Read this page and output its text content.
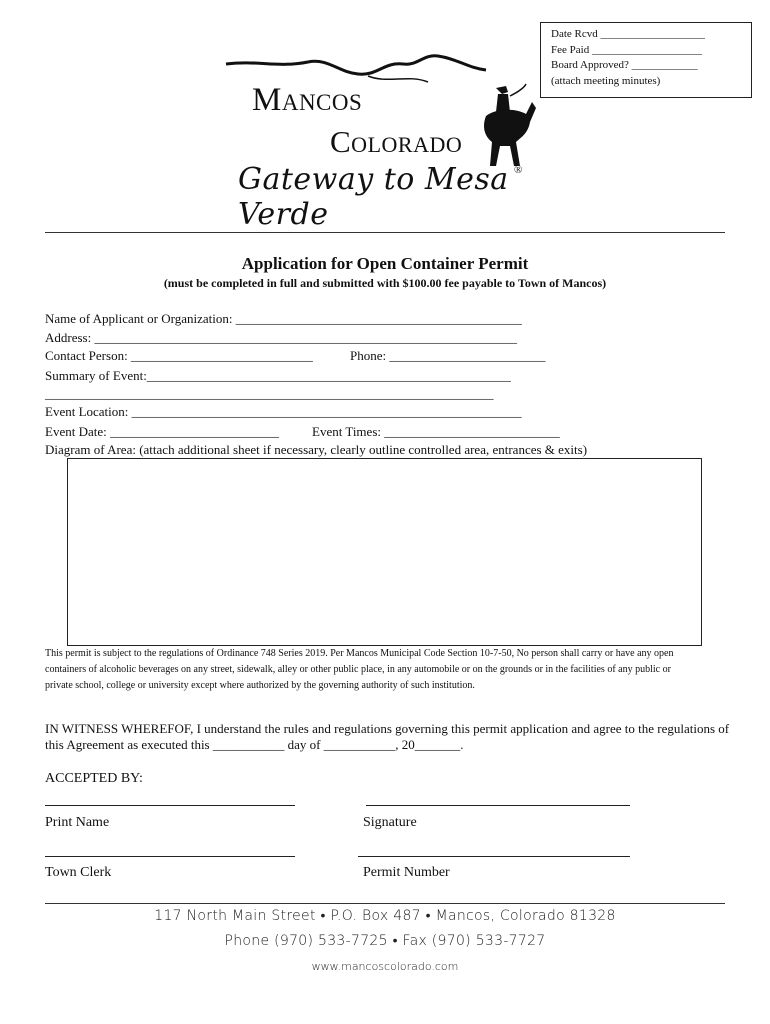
Date Rcvd ___________________
Fee Paid ____________________
Board Approved? ____________
(attach meeting minutes)
Mancos
Colorado
Gateway to Mesa Verde
®
Application for Open Container Permit
(must be completed in full and submitted with $100.00 fee payable to Town of Mancos)
Name of Applicant or Organization: ____________________________________________
Address: _________________________________________________________________
Contact Person: ____________________________	Phone: ________________________
Summary of Event:________________________________________________________
_____________________________________________________________________
Event Location: ____________________________________________________________
Event Date: __________________________	Event Times: ___________________________
Diagram of Area: (attach additional sheet if necessary, clearly outline controlled area, entrances & exits)
This permit is subject to the regulations of Ordinance 748 Series 2019. Per Mancos Municipal Code Section 10-7-50, No person shall carry or have any open containers of alcoholic beverages on any street, sidewalk, alley or other public place, in any automobile or on the grounds or in the facilities of any public or private school, college or university except where authorized by the governing authority of such institution.
IN WITNESS WHEREFOF, I understand the rules and regulations governing this permit application and agree to the regulations of this Agreement as executed this ___________ day of ___________, 20_______.
ACCEPTED BY:
Print Name	Signature
Town Clerk	Permit Number
117 North Main Street • P.O. Box 487 • Mancos, Colorado 81328
Phone (970) 533-7725 • Fax (970) 533-7727
www.mancoscolorado.com
